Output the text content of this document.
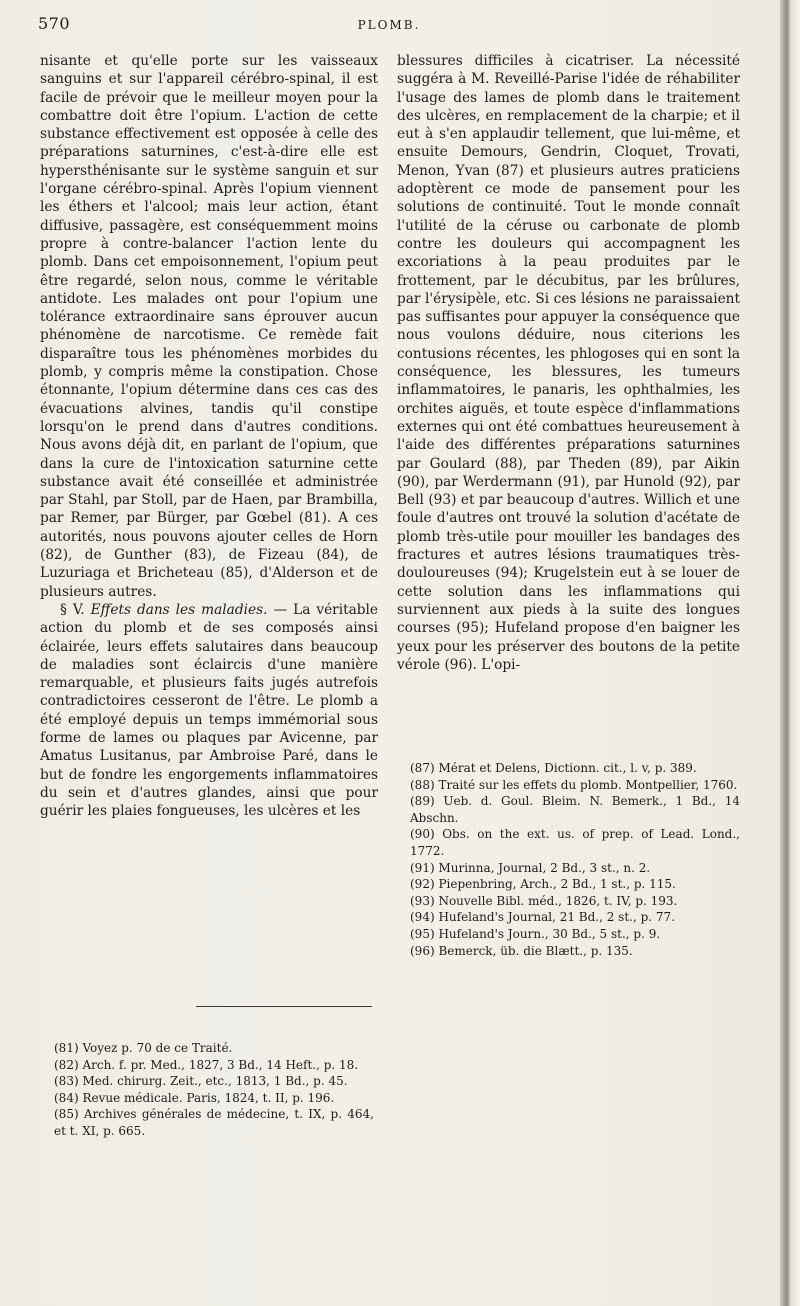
570	PLOMB.

nisante et qu'elle porte sur les vaisseaux sanguins et sur l'appareil cérébro-spinal, il est facile de prévoir que le meilleur moyen pour la combattre doit être l'opium. L'action de cette substance effectivement est opposée à celle des préparations saturnines, c'est-à-dire elle est hypersthénisante sur le système sanguin et sur l'organe cérébro-spinal. Après l'opium viennent les éthers et l'alcool; mais leur action, étant diffusive, passagère, est conséquemment moins propre à contre-balancer l'action lente du plomb. Dans cet empoisonnement, l'opium peut être regardé, selon nous, comme le véritable antidote. Les malades ont pour l'opium une tolérance extraordinaire sans éprouver aucun phénomène de narcotisme. Ce remède fait disparaître tous les phénomènes morbides du plomb, y compris même la constipation. Chose étonnante, l'opium détermine dans ces cas des évacuations alvines, tandis qu'il constipe lorsqu'on le prend dans d'autres conditions. Nous avons déjà dit, en parlant de l'opium, que dans la cure de l'intoxication saturnine cette substance avait été conseillée et administrée par Stahl, par Stoll, par de Haen, par Brambilla, par Remer, par Bürger, par Gœbel (81). A ces autorités, nous pouvons ajouter celles de Horn (82), de Gunther (83), de Fizeau (84), de Luzuriaga et Bricheteau (85), d'Alderson et de plusieurs autres.

§ V. Effets dans les maladies. — La véritable action du plomb et de ses composés ainsi éclairée, leurs effets salutaires dans beaucoup de maladies sont éclaircis d'une manière remarquable, et plusieurs faits jugés autrefois contradictoires cesseront de l'être. Le plomb a été employé depuis un temps immémorial sous forme de lames ou plaques par Avicenne, par Amatus Lusitanus, par Ambroise Paré, dans le but de fondre les engorgements inflammatoires du sein et d'autres glandes, ainsi que pour guérir les plaies fongueuses, les ulcères et les

(81) Voyez p. 70 de ce Traité.

(82) Arch. f. pr. Med., 1827, 3 Bd., 14 Heft., p. 18.

(83) Med. chirurg. Zeit., etc., 1813, 1 Bd., p. 45.

(84) Revue médicale. Paris, 1824, t. II, p. 196.

(85) Archives générales de médecine, t. IX, p. 464, et t. XI, p. 665.

blessures difficiles à cicatriser. La nécessité suggéra à M. Reveillé-Parise l'idée de réhabiliter l'usage des lames de plomb dans le traitement des ulcères, en remplacement de la charpie; et il eut à s'en applaudir tellement, que lui-même, et ensuite Demours, Gendrin, Cloquet, Trovati, Menon, Yvan (87) et plusieurs autres praticiens adoptèrent ce mode de pansement pour les solutions de continuité. Tout le monde connaît l'utilité de la céruse ou carbonate de plomb contre les douleurs qui accompagnent les excoriations à la peau produites par le frottement, par le décubitus, par les brûlures, par l'érysipèle, etc. Si ces lésions ne paraissaient pas suffisantes pour appuyer la conséquence que nous voulons déduire, nous citerions les contusions récentes, les phlogoses qui en sont la conséquence, les blessures, les tumeurs inflammatoires, le panaris, les ophthalmies, les orchites aiguës, et toute espèce d'inflammations externes qui ont été combattues heureusement à l'aide des différentes préparations saturnines par Goulard (88), par Theden (89), par Aikin (90), par Werdermann (91), par Hunold (92), par Bell (93) et par beaucoup d'autres. Willich et une foule d'autres ont trouvé la solution d'acétate de plomb très-utile pour mouiller les bandages des fractures et autres lésions traumatiques très-douloureuses (94); Krugelstein eut à se louer de cette solution dans les inflammations qui surviennent aux pieds à la suite des longues courses (95); Hufeland propose d'en baigner les yeux pour les préserver des boutons de la petite vérole (96). L'opi-

(87) Mérat et Delens, Dictionn. cit., l. v, p. 389.

(88) Traité sur les effets du plomb. Montpellier, 1760.

(89) Ueb. d. Goul. Bleim. N. Bemerk., 1 Bd., 14 Abschn.

(90) Obs. on the ext. us. of prep. of Lead. Lond., 1772.

(91) Murinna, Journal, 2 Bd., 3 st., n. 2.

(92) Piepenbring, Arch., 2 Bd., 1 st., p. 115.

(93) Nouvelle Bibl. méd., 1826, t. IV, p. 193.

(94) Hufeland's Journal, 21 Bd., 2 st., p. 77.

(95) Hufeland's Journ., 30 Bd., 5 st., p. 9.

(96) Bemerck, üb. die Blætt., p. 135.
